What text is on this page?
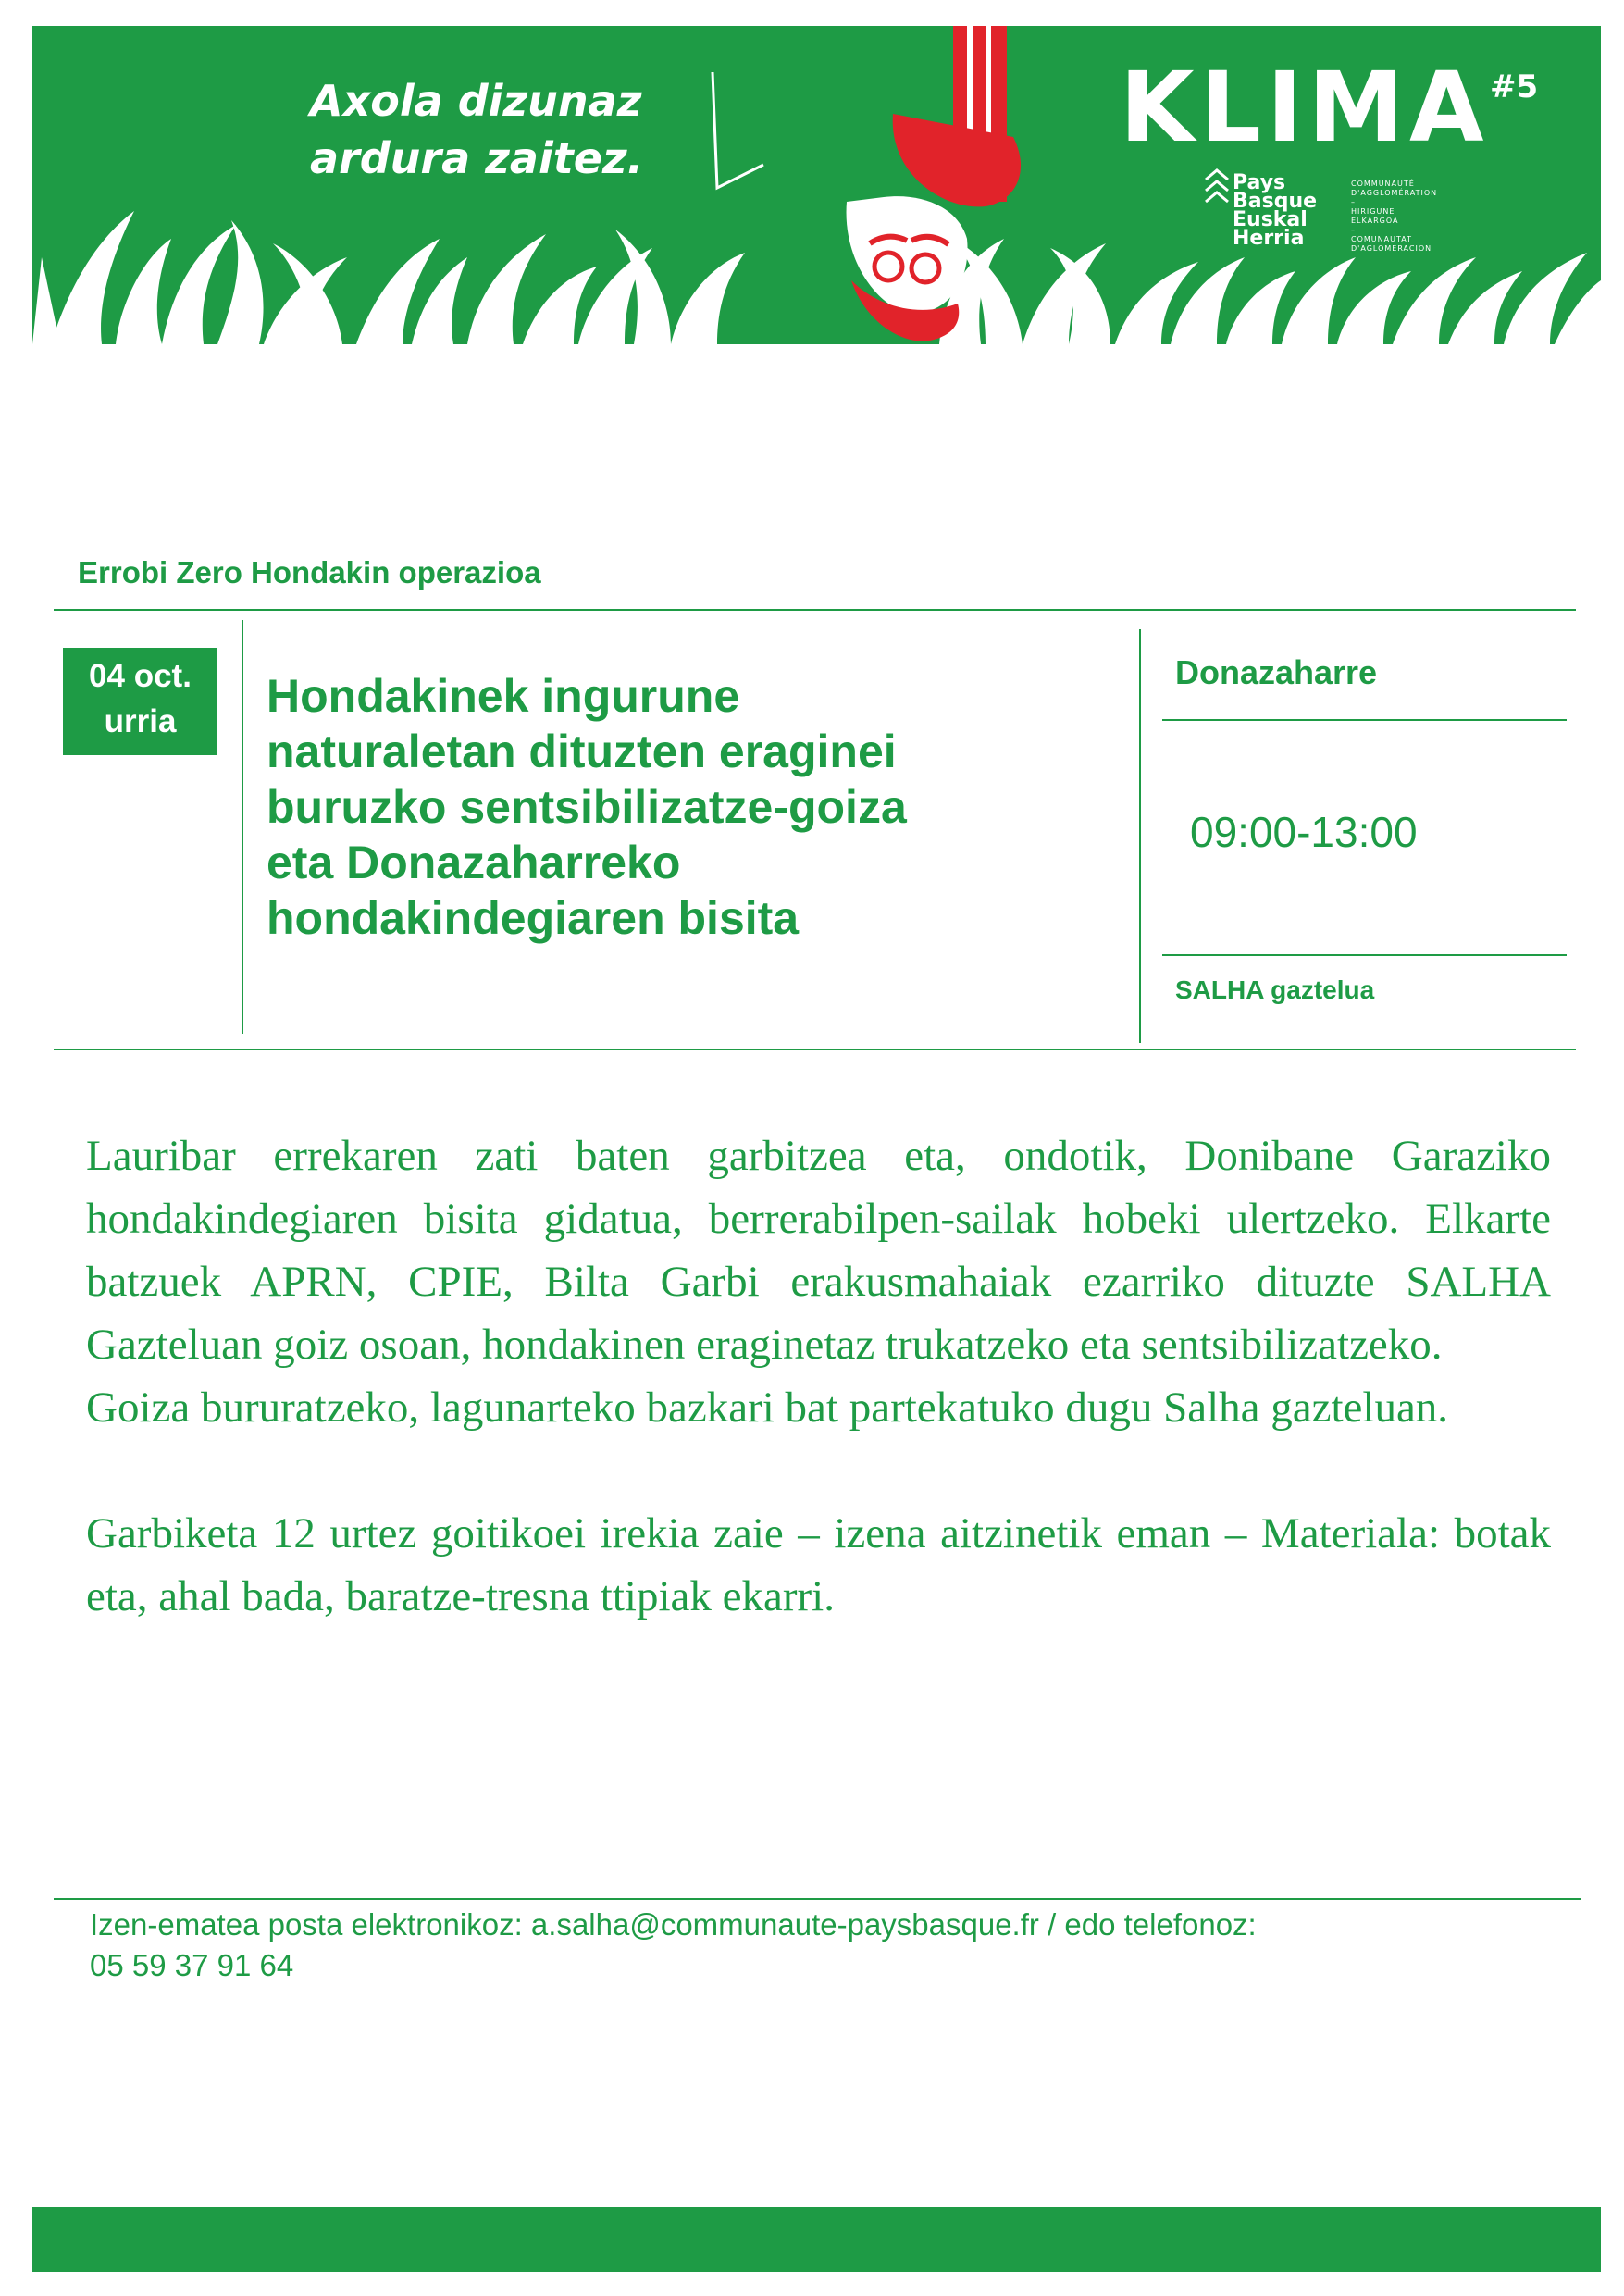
Axola dizunaz
ardura zaitez.	KLIMA #5
Pays
Basque
Euskal
Herria
COMMUNAUTÉ
D'AGGLOMÉRATION
–
HIRIGUNE
ELKARGOA
–
COMUNAUTAT
D'AGLOMERACION
Errobi Zero Hondakin operazioa
04 oct.
urria	Hondakinek ingurune
naturaletan dituzten eraginei
buruzko sentsibilizatze-goiza
eta Donazaharreko
hondakindegiaren bisita
Donazaharre
09:00-13:00
SALHA gaztelua

Lauribar errekaren zati baten garbitzea eta, ondotik, Donibane Garaziko hondakindegiaren bisita gidatua, berrerabilpen-sailak hobeki ulertzeko. Elkarte batzuek APRN, CPIE, Bilta Garbi erakusmahaiak ezarriko dituzte SALHA Gazteluan goiz osoan, hondakinen eraginetaz trukatzeko eta sentsibilizatzeko.

Goiza bururatzeko, lagunarteko bazkari bat partekatuko dugu Salha gazteluan.

Garbiketa 12 urtez goitikoei irekia zaie – izena aitzinetik eman – Materiala: botak eta, ahal bada, baratze-tresna ttipiak ekarri.

Izen-ematea posta elektronikoz: a.salha@communaute-paysbasque.fr / edo telefonoz:
05 59 37 91 64
